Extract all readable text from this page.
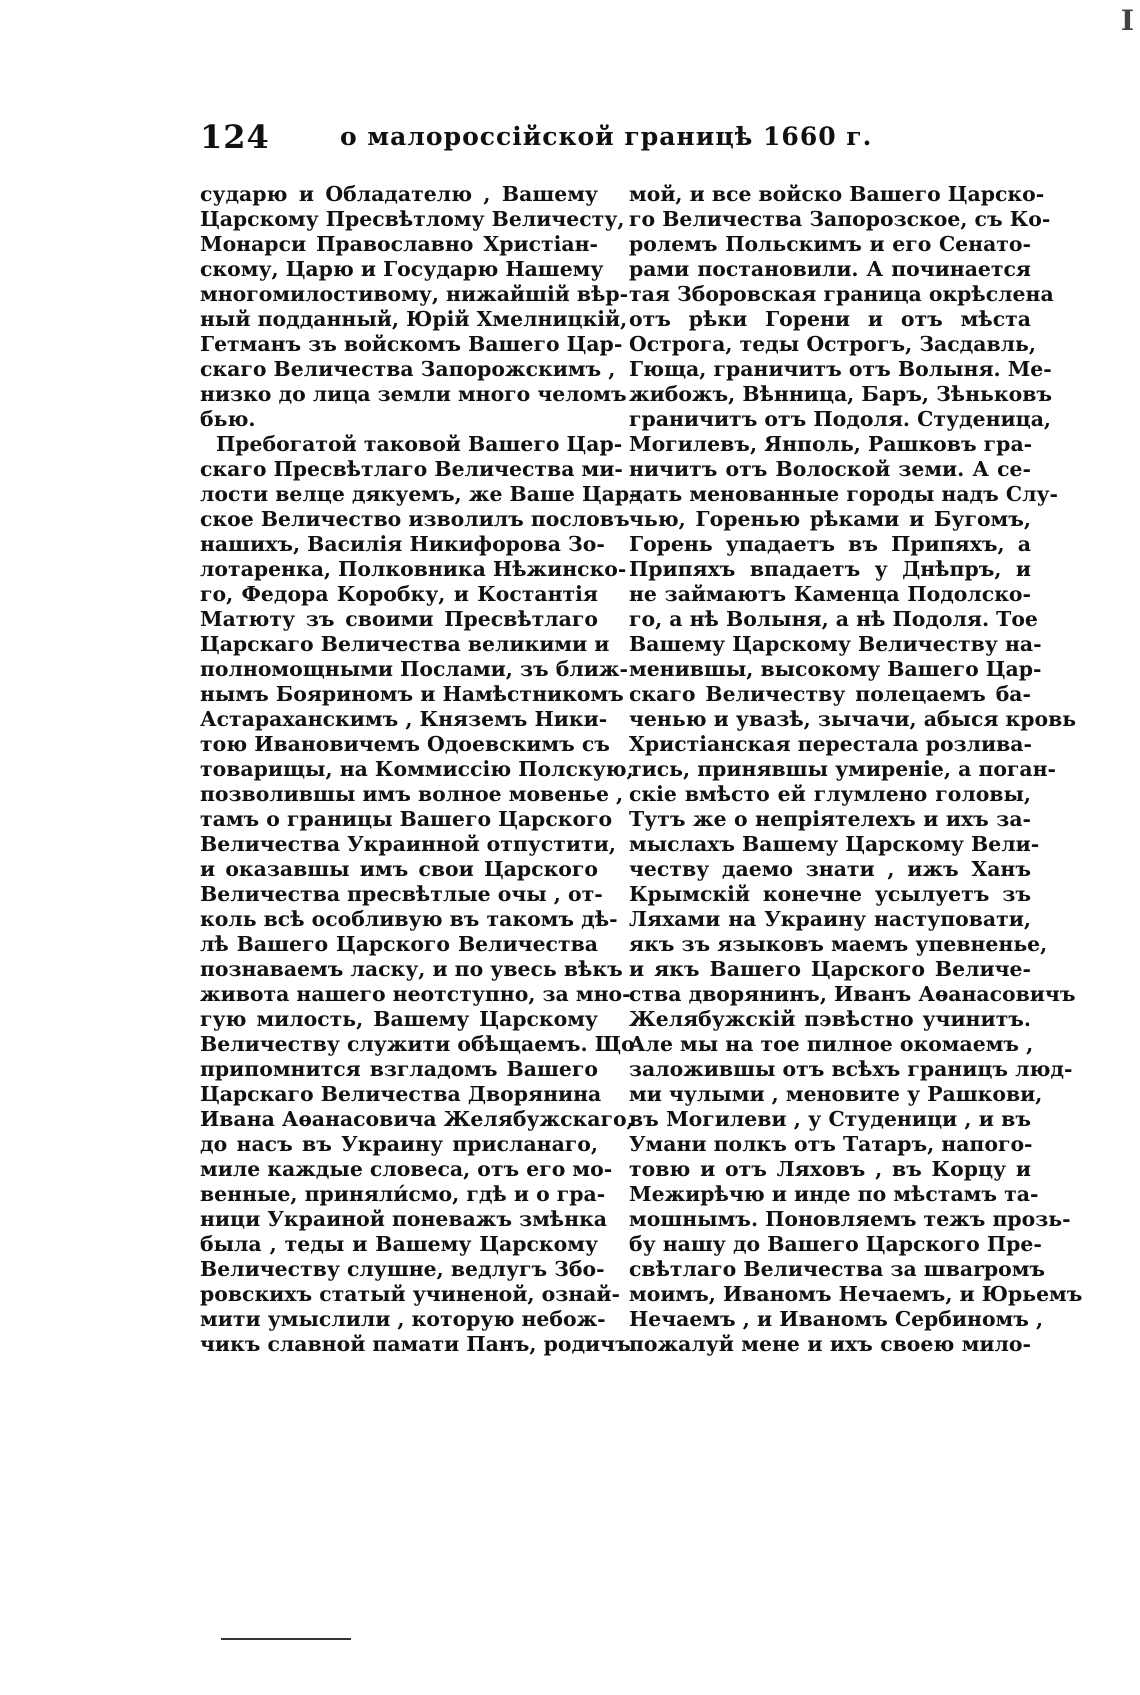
124	о малороссійской границѣ 1660 г.
I
сударю и Обладателю , Вашему
Царскому Пресвѣтлому Величесту,
Монарси Православно Христіан-
скому, Царю и Государю Нашему
многомилостивому, нижайшій вѣр-
ный подданный, Юрій Хмелницкій,
Гетманъ зъ войскомъ Вашего Цар-
скаго Величества Запорожскимъ ,
низко до лица земли много челомъ
бью.
Пребогатой таковой Вашего Цар-
скаго Пресвѣтлаго Величества ми-
лости велце дякуемъ, же Ваше Цар-
ское Величество изволилъ пословъ
нашихъ, Василія Никифорова Зо-
лотаренка, Полковника Нѣжинско-
го, Федора Коробку, и Костантія
Матюту зъ своими Пресвѣтлаго
Царскаго Величества великими и
полномощными Послами, зъ ближ-
нымъ Бояриномъ и Намѣстникомъ
Астараханскимъ , Княземъ Ники-
тою Ивановичемъ Одоевскимъ съ
товарищы, на Коммиссію Полскую,
позволившы имъ волное мовенье ,
тамъ о границы Вашего Царского
Величества Украинной отпустити,
и оказавшы имъ свои Царского
Величества пресвѣтлые очы , от-
коль всѣ особливую въ такомъ дѣ-
лѣ Вашего Царского Величества
познаваемъ ласку, и по увесь вѣкъ
живота нашего неотступно, за мно-
гую милость, Вашему Царскому
Величеству служити обѣщаемъ. Що
припомнится взгладомъ Вашего
Царскаго Величества Дворянина
Ивана Аѳанасовича Желябужскаго,
до насъ въ Украину присланаго,
миле каждые словеса, отъ его мо-
венные, приняли́смо, гдѣ и о гра-
ници Украиной поневажъ змѣнка
была , теды и Вашему Царскому
Величеству слушне, ведлугъ Збо-
ровскихъ статый учиненой, ознай-
мити умыслили , которую небож-
чикъ славной памати Панъ, родичъ
мой, и все войско Вашего Царско-
го Величества Запорозское, съ Ко-
ролемъ Польскимъ и его Сенато-
рами постановили. А починается
тая Зборовская граница окрѣслена
отъ рѣки Горени и отъ мѣста
Острога, теды Острогъ, Засдавль,
Гюща, граничитъ отъ Волыня. Ме-
жибожъ, Вѣнница, Баръ, Зѣньковъ
граничитъ отъ Подоля. Студеница,
Могилевъ, Янполь, Рашковъ гра-
ничитъ отъ Волоской земи. А се-
дать менованные городы надъ Слу-
чью, Гоpенью рѣками и Бугомъ,
Горень упадаетъ въ Припяхъ, а
Припяхъ впадаетъ у Днѣпръ, и
не займаютъ Каменца Подолско-
го, а нѣ Волыня, а нѣ Подоля. Тое
Вашему Царскому Величеству на-
менившы, высокому Вашего Цар-
скаго Величеству полецаемъ ба-
ченью и увазѣ, зычачи, абыся кровь
Христіанская перестала розлива-
тись, принявшы умиреніе, а поган-
скіе вмѣсто ей глумлено головы,
Тутъ же о непріятелехъ и ихъ за-
мыслахъ Вашему Царскому Вели-
честву даемо знати , ижъ Ханъ
Крымскій конечне усылуетъ зъ
Ляхами на Украину наступовати,
якъ зъ языковъ маемъ упевненье,
и якъ Вашего Царского Величе-
ства дворянинъ, Иванъ Аѳанасовичъ
Желябужскій пэвѣстно учинитъ.
Але мы на тое пилное окомаемъ ,
заложившы отъ всѣхъ границъ люд-
ми чулыми , меновите у Рашкови,
въ Могилеви , у Студеници , и въ
Умани полкъ отъ Татаръ, напого-
товю и отъ Ляховъ , въ Корцу и
Межирѣчю и инде по мѣстамъ та-
мошнымъ. Поновляемъ тежъ прозь-
бу нашу до Вашего Царского Пре-
свѣтлаго Величества за шваrромъ
моимъ, Иваномъ Нечаемъ, и Юрьемъ
Нечаемъ , и Иваномъ Сербиномъ ,
пожалуй мене и ихъ своею мило-
